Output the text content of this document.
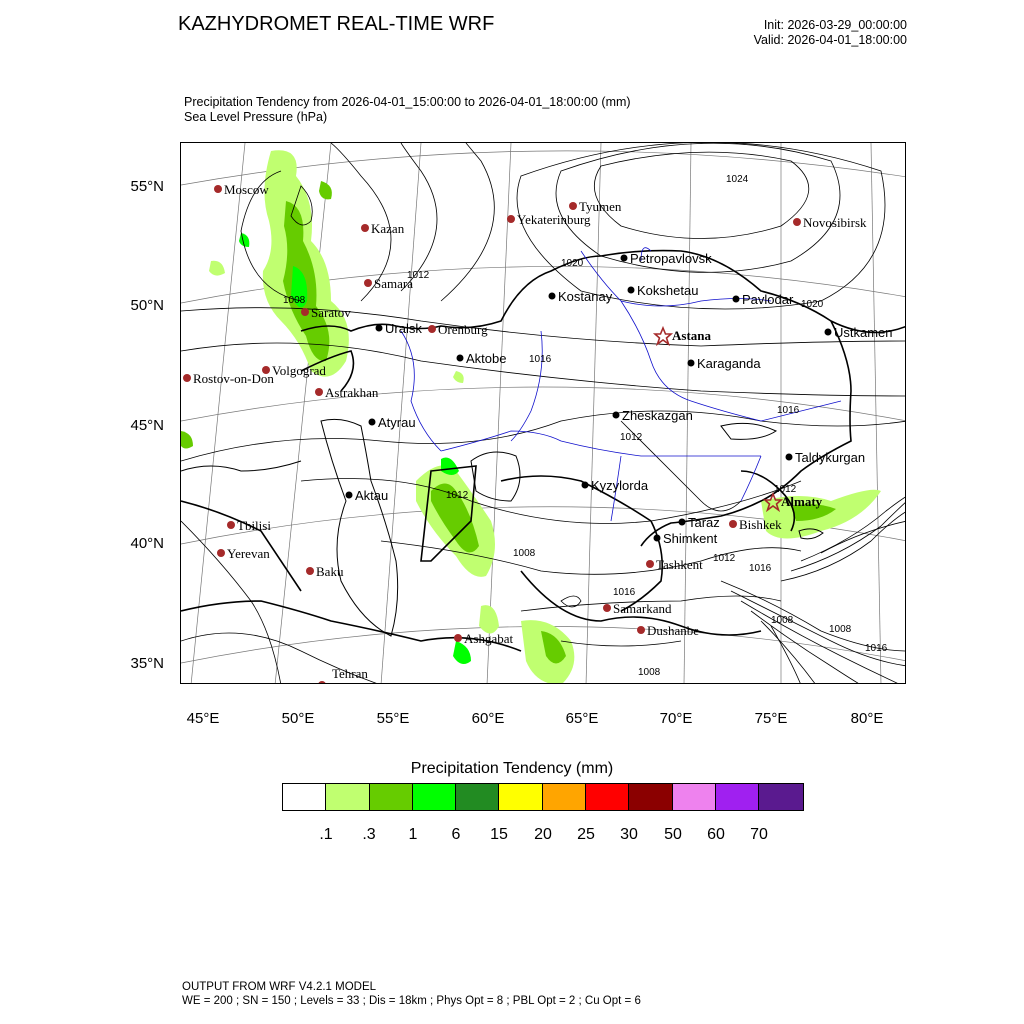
KAZHYDROMET REAL-TIME WRF	Init: 2026-03-29_00:00:00
Valid: 2026-04-01_18:00:00
Precipitation Tendency from 2026-04-01_15:00:00 to 2026-04-01_18:00:00 (mm)
Sea Level Pressure (hPa)
1024
1020
1020
1016
1016
1016
1012
1012
1012
1012
1012
1008
1008
1008
1008
1016
1008
1016
Moscow
Kazan
Tyumen
Yekaterinburg	Novosibirsk
Samara
Saratov
Orenburg
Volgograd
Rostov-on-Don
Astrakhan
Tbilisi
Yerevan
Baku
Ashgabat
Tehran
Samarkand
Dushanbe
Tashkent
Bishkek
Petropavlovsk
Kostanay Kokshetau
Pavlodar
Uralsk
Aktobe
Ustkamen
Karaganda
Zheskazgan
Atyrau
Aktau
Kyzylorda
Taldykurgan
Taraz
Shimkent
Astana
Almaty
55°N
50°N
45°N
40°N
35°N
45°E	50°E	55°E	60°E	65°E	70°E	75°E	80°E
Precipitation Tendency (mm)
.1	.3	1	6	15	20	25	30	50	60	70
OUTPUT FROM WRF V4.2.1 MODEL
WE = 200 ; SN = 150 ; Levels = 33 ; Dis = 18km ; Phys Opt = 8 ; PBL Opt = 2 ; Cu Opt = 6
